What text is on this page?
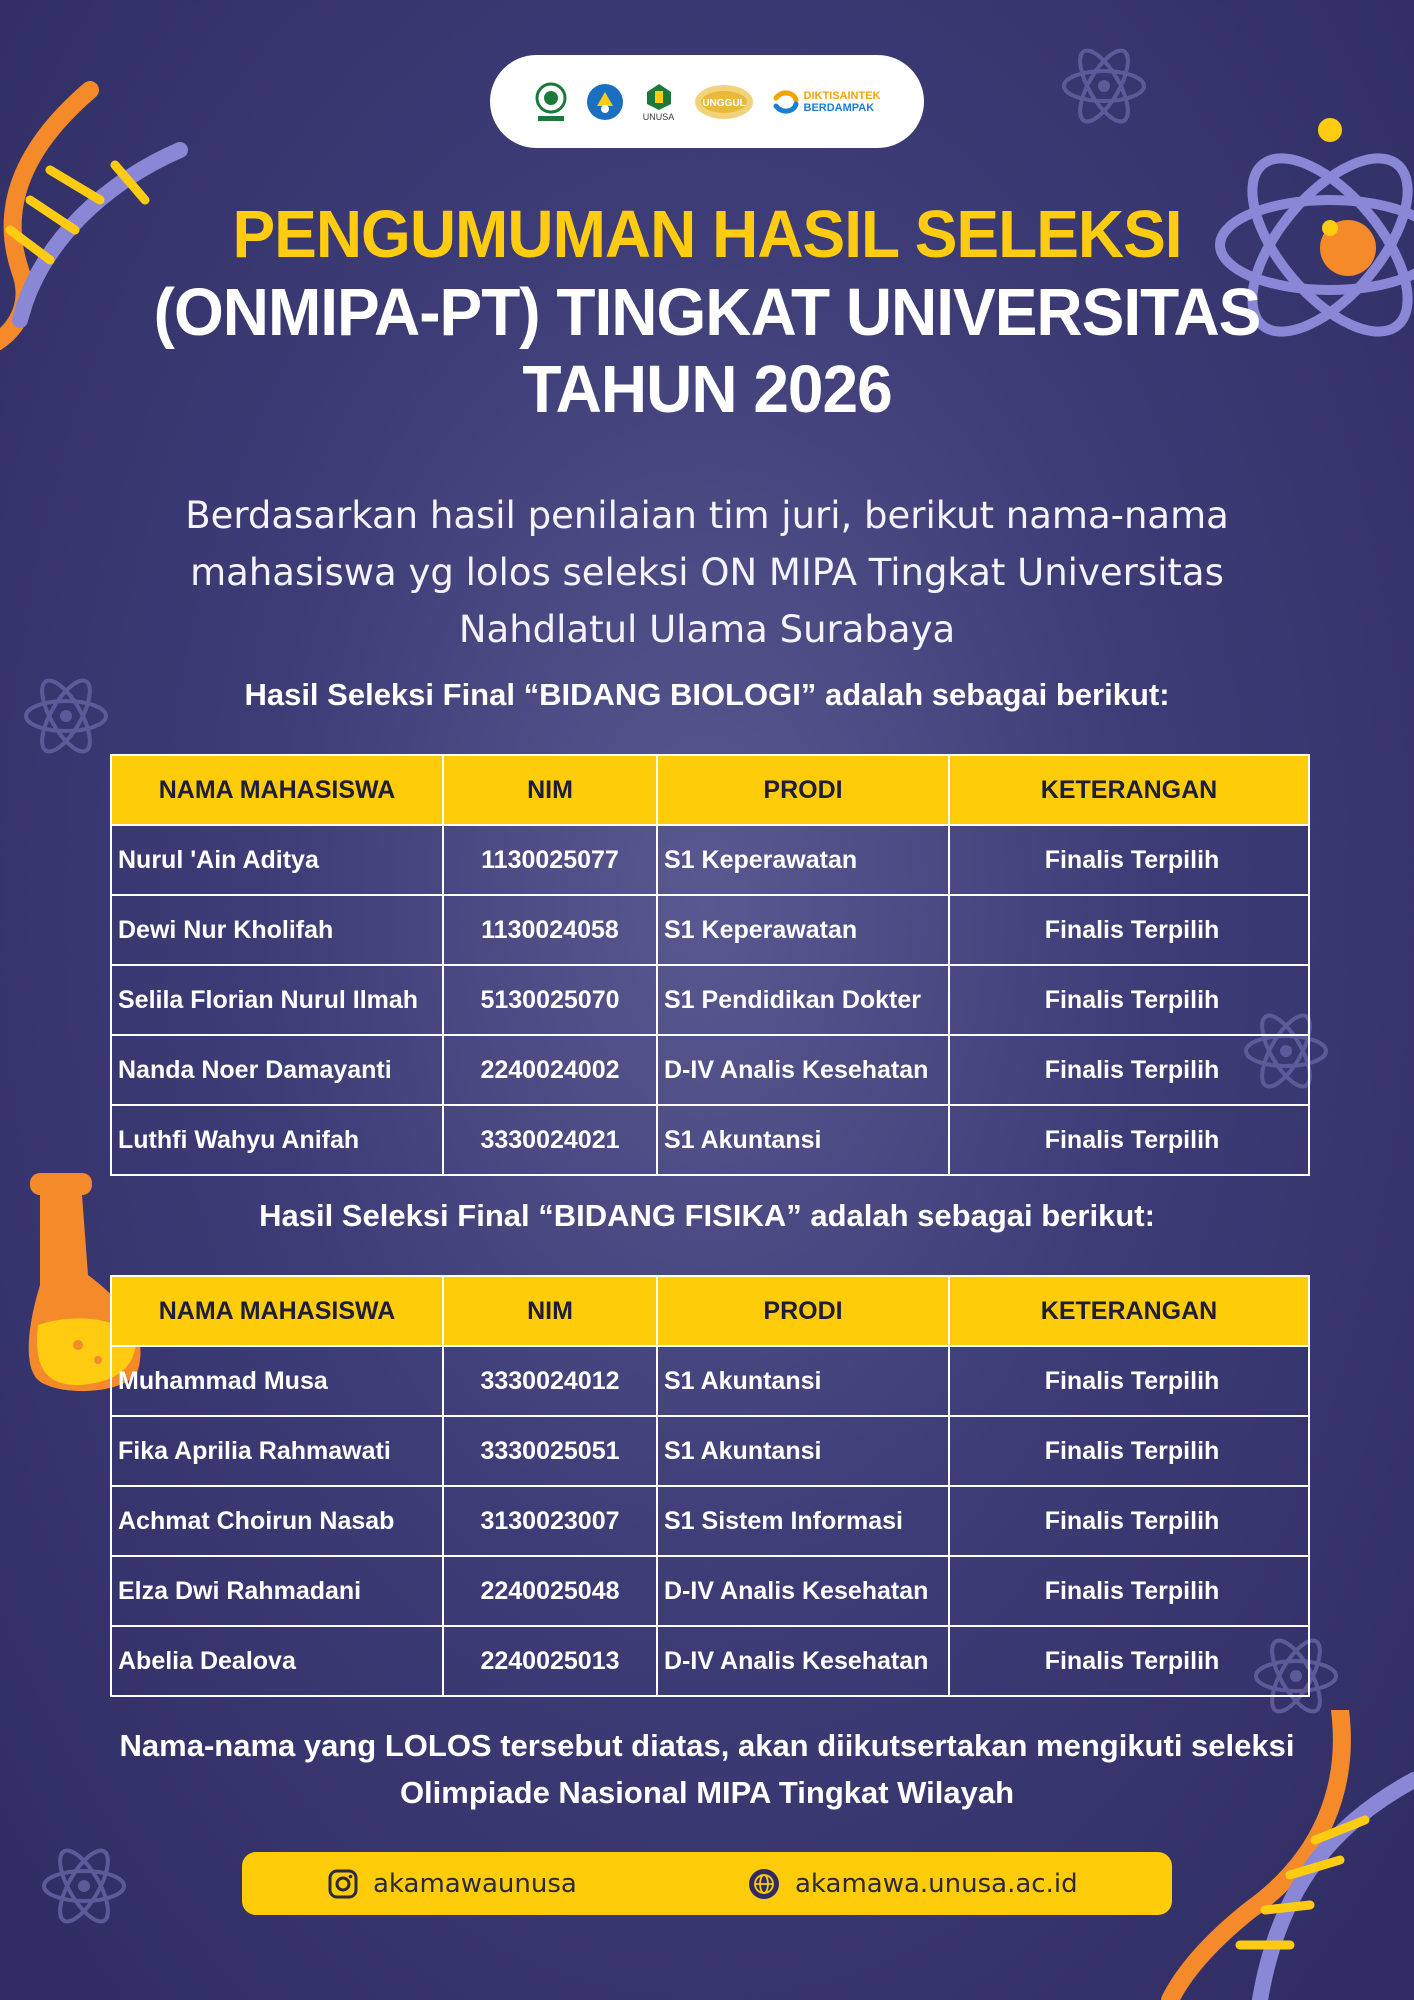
UNUSA
UNGGUL
DIKTISAINTEK
BERDAMPAK
PENGUMUMAN HASIL SELEKSI
(ONMIPA-PT) TINGKAT UNIVERSITAS
TAHUN 2026
Berdasarkan hasil penilaian tim juri, berikut nama-nama mahasiswa yg lolos seleksi ON MIPA Tingkat Universitas Nahdlatul Ulama Surabaya
Hasil Seleksi Final “BIDANG BIOLOGI” adalah sebagai berikut:
NAMA MAHASISWA	NIM	PRODI	KETERANGAN
Nurul 'Ain Aditya	1130025077	S1 Keperawatan	Finalis Terpilih
Dewi Nur Kholifah	1130024058	S1 Keperawatan	Finalis Terpilih
Selila Florian Nurul Ilmah	5130025070	S1 Pendidikan Dokter	Finalis Terpilih
Nanda Noer Damayanti	2240024002	D-IV Analis Kesehatan	Finalis Terpilih
Luthfi Wahyu Anifah	3330024021	S1 Akuntansi	Finalis Terpilih
Hasil Seleksi Final “BIDANG FISIKA” adalah sebagai berikut:
NAMA MAHASISWA	NIM	PRODI	KETERANGAN
Muhammad Musa	3330024012	S1 Akuntansi	Finalis Terpilih
Fika Aprilia Rahmawati	3330025051	S1 Akuntansi	Finalis Terpilih
Achmat Choirun Nasab	3130023007	S1 Sistem Informasi	Finalis Terpilih
Elza Dwi Rahmadani	2240025048	D-IV Analis Kesehatan	Finalis Terpilih
Abelia Dealova	2240025013	D-IV Analis Kesehatan	Finalis Terpilih
Nama-nama yang LOLOS tersebut diatas, akan diikutsertakan mengikuti seleksi
Olimpiade Nasional MIPA Tingkat Wilayah
akamawaunusa	akamawa.unusa.ac.id
